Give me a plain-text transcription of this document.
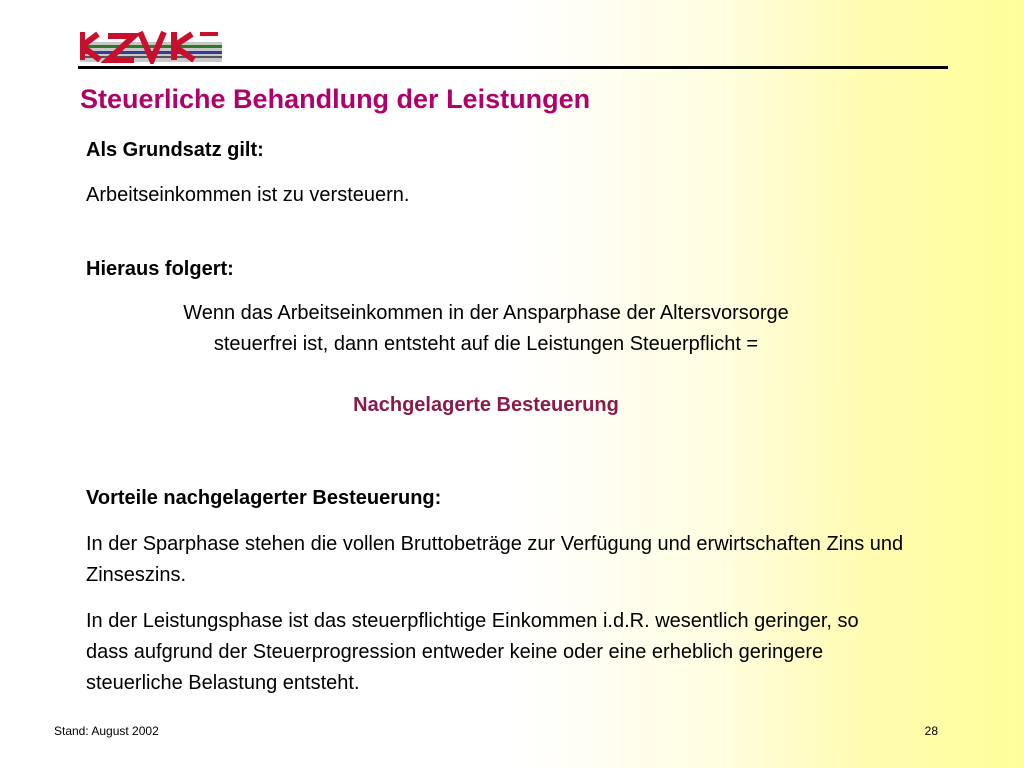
Steuerliche Behandlung der Leistungen
Als Grundsatz gilt:
Arbeitseinkommen ist zu versteuern.
Hieraus folgert:
Wenn das Arbeitseinkommen in der Ansparphase der Altersvorsorge
steuerfrei ist, dann entsteht auf die Leistungen Steuerpflicht =
Nachgelagerte Besteuerung
Vorteile nachgelagerter Besteuerung:
In der Sparphase stehen die vollen Bruttobeträge zur Verfügung und erwirtschaften Zins und Zinseszins.
In der Leistungsphase ist das steuerpflichtige Einkommen i.d.R. wesentlich geringer, so dass aufgrund der Steuerprogression entweder keine oder eine erheblich geringere steuerliche Belastung entsteht.
Stand: August 2002	28
